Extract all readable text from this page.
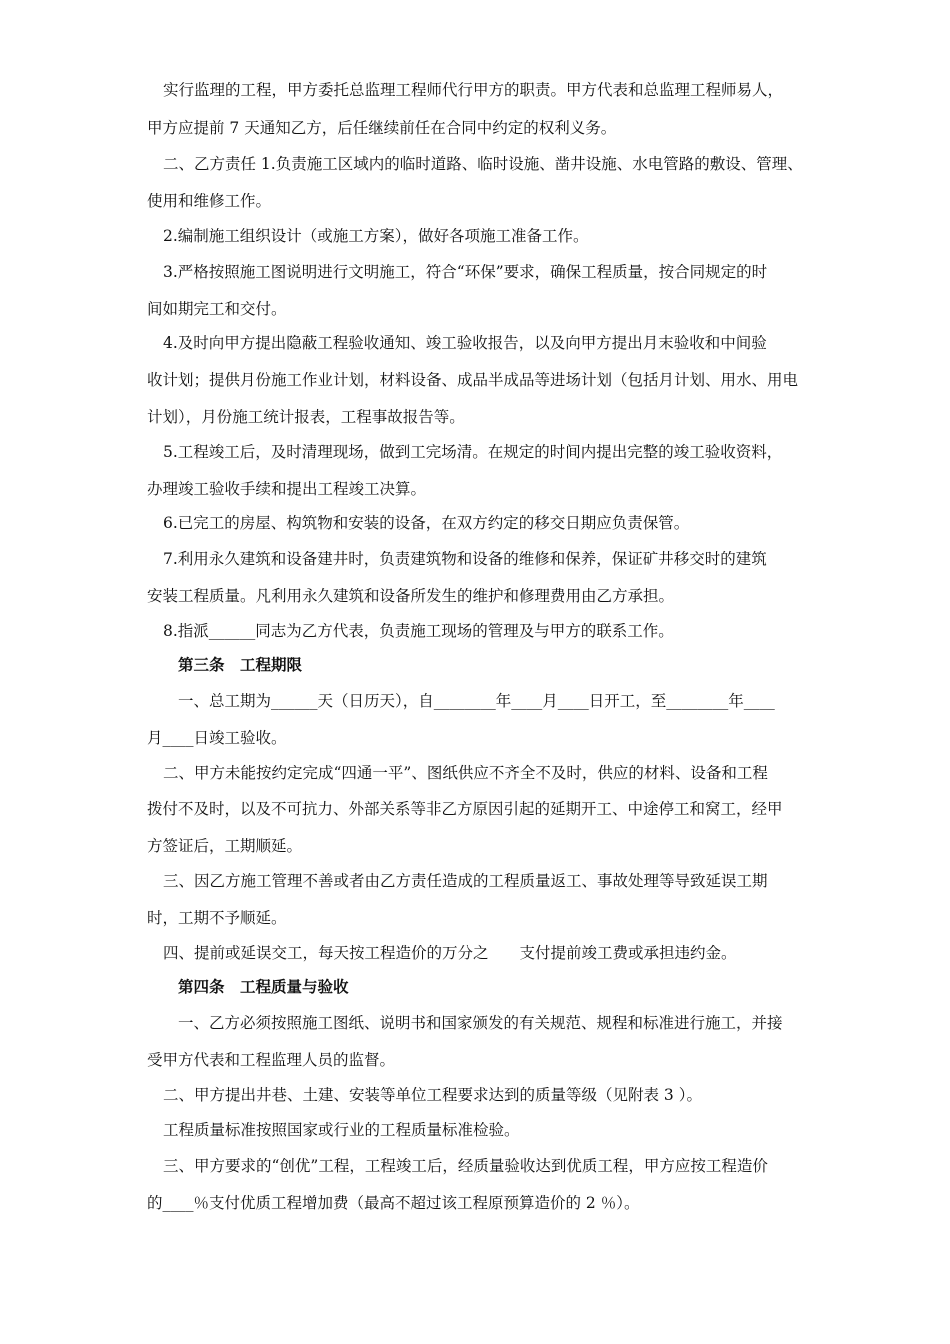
实行监理的工程，甲方委托总监理工程师代行甲方的职责。甲方代表和总监理工程师易人，
甲方应提前 7 天通知乙方，后任继续前任在合同中约定的权利义务。
二、乙方责任 1.负责施工区域内的临时道路、临时设施、凿井设施、水电管路的敷设、管理、
使用和维修工作。
2.编制施工组织设计（或施工方案），做好各项施工准备工作。
3.严格按照施工图说明进行文明施工，符合“环保”要求，确保工程质量，按合同规定的时
间如期完工和交付。
4.及时向甲方提出隐蔽工程验收通知、竣工验收报告，以及向甲方提出月末验收和中间验
收计划；提供月份施工作业计划，材料设备、成品半成品等进场计划（包括月计划、用水、用电
计划），月份施工统计报表，工程事故报告等。
5.工程竣工后，及时清理现场，做到工完场清。在规定的时间内提出完整的竣工验收资料，
办理竣工验收手续和提出工程竣工决算。
6.已完工的房屋、构筑物和安装的设备，在双方约定的移交日期应负责保管。
7.利用永久建筑和设备建井时，负责建筑物和设备的维修和保养，保证矿井移交时的建筑
安装工程质量。凡利用永久建筑和设备所发生的维护和修理费用由乙方承担。
8.指派______同志为乙方代表，负责施工现场的管理及与甲方的联系工作。
第三条　工程期限
一、总工期为______天（日历天），自________年____月____日开工，至________年____
月____日竣工验收。
二、甲方未能按约定完成“四通一平”、图纸供应不齐全不及时，供应的材料、设备和工程
拨付不及时，以及不可抗力、外部关系等非乙方原因引起的延期开工、中途停工和窝工，经甲
方签证后，工期顺延。
三、因乙方施工管理不善或者由乙方责任造成的工程质量返工、事故处理等导致延误工期
时，工期不予顺延。
四、提前或延误交工，每天按工程造价的万分之　　支付提前竣工费或承担违约金。
第四条　工程质量与验收
一、乙方必须按照施工图纸、说明书和国家颁发的有关规范、规程和标准进行施工，并接
受甲方代表和工程监理人员的监督。
二、甲方提出井巷、土建、安装等单位工程要求达到的质量等级（见附表 3 ）。
工程质量标准按照国家或行业的工程质量标准检验。
三、甲方要求的“创优”工程，工程竣工后，经质量验收达到优质工程，甲方应按工程造价
的____％支付优质工程增加费（最高不超过该工程原预算造价的 2 ％）。
